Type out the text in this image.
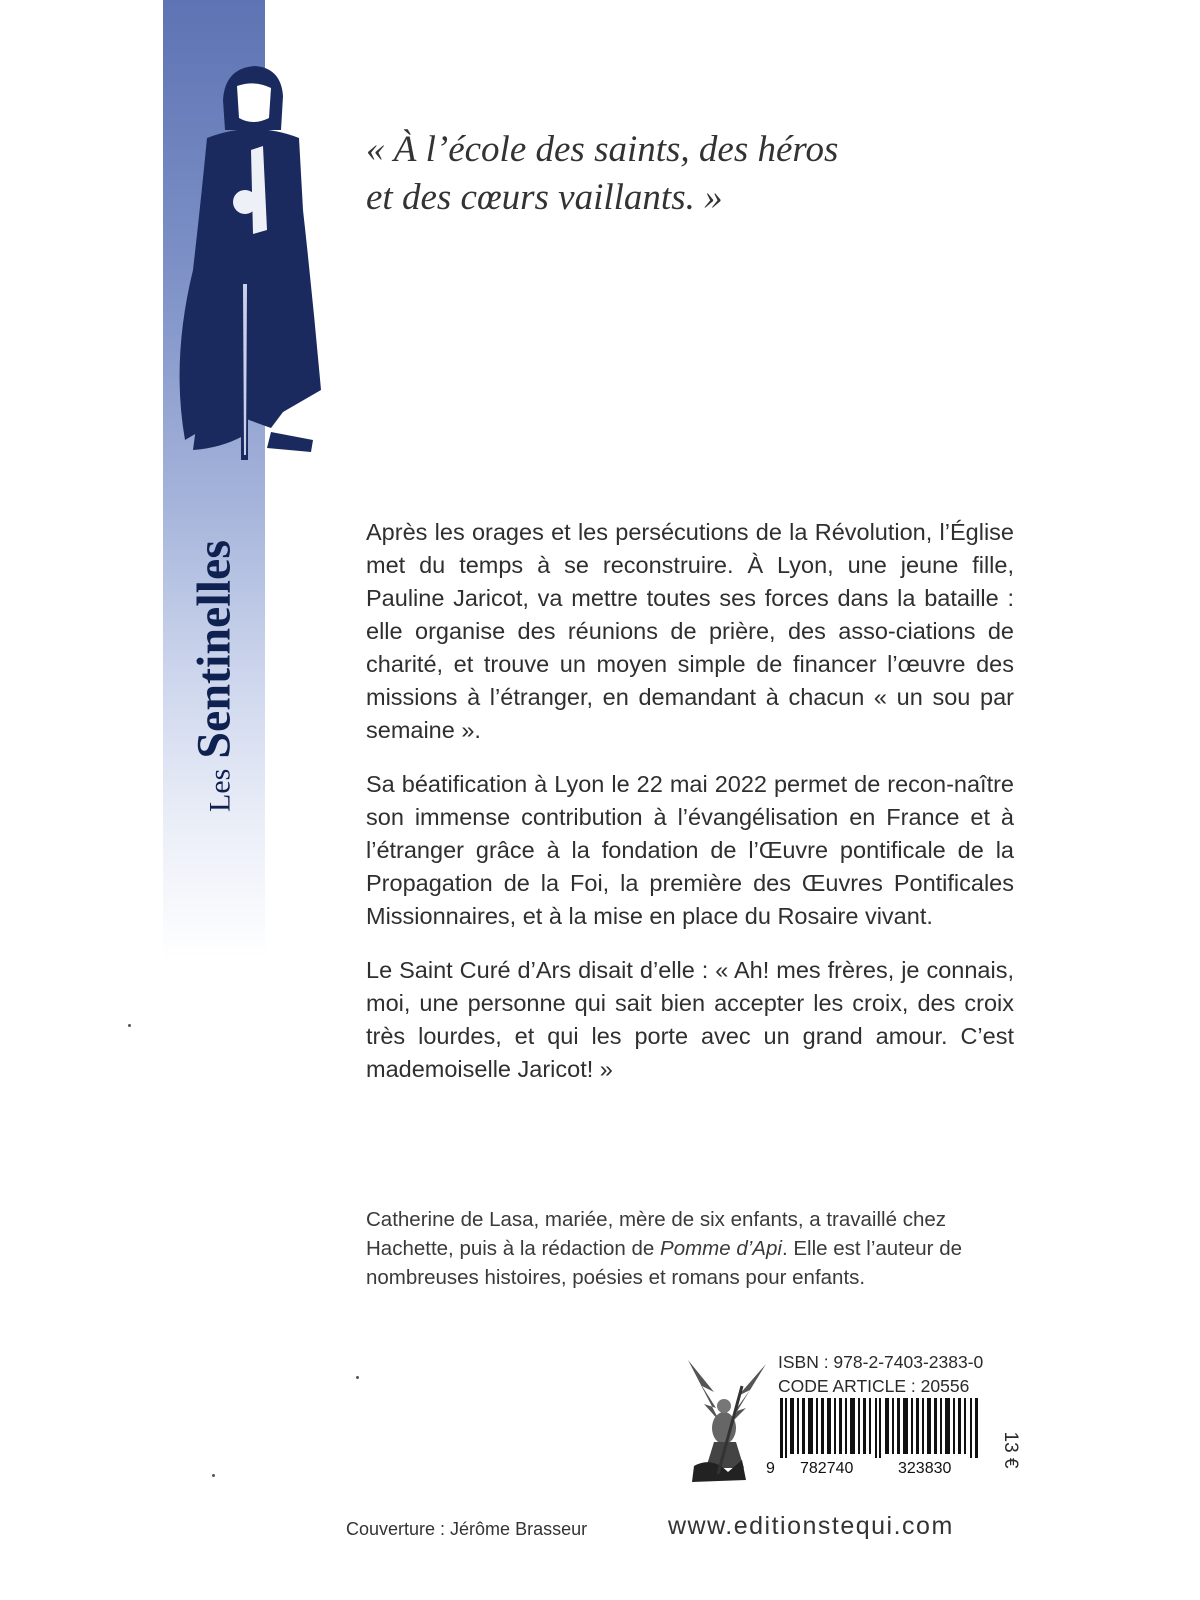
Les
Sentinelles
« À l’école des saints, des héros
et des cœurs vaillants. »

Après les orages et les persécutions de la Révolution, l’Église met du temps à se reconstruire. À Lyon, une jeune fille, Pauline Jaricot, va mettre toutes ses forces dans la bataille : elle organise des réunions de prière, des asso-ciations de charité, et trouve un moyen simple de financer l’œuvre des missions à l’étranger, en demandant à chacun « un sou par semaine ».

Sa béatification à Lyon le 22 mai 2022 permet de recon-naître son immense contribution à l’évangélisation en France et à l’étranger grâce à la fondation de l’Œuvre pontificale de la Propagation de la Foi, la première des Œuvres Pontificales Missionnaires, et à la mise en place du Rosaire vivant.

Le Saint Curé d’Ars disait d’elle : « Ah! mes frères, je connais, moi, une personne qui sait bien accepter les croix, des croix très lourdes, et qui les porte avec un grand amour. C’est mademoiselle Jaricot! »

Catherine de Lasa, mariée, mère de six enfants, a travaillé chez Hachette, puis à la rédaction de Pomme d’Api. Elle est l’auteur de nombreuses histoires, poésies et romans pour enfants.

ISBN : 978-2-7403-2383-0
CODE ARTICLE : 20556
9 782740	323830
13 €
Couverture : Jérôme Brasseur	www.editionstequi.com
